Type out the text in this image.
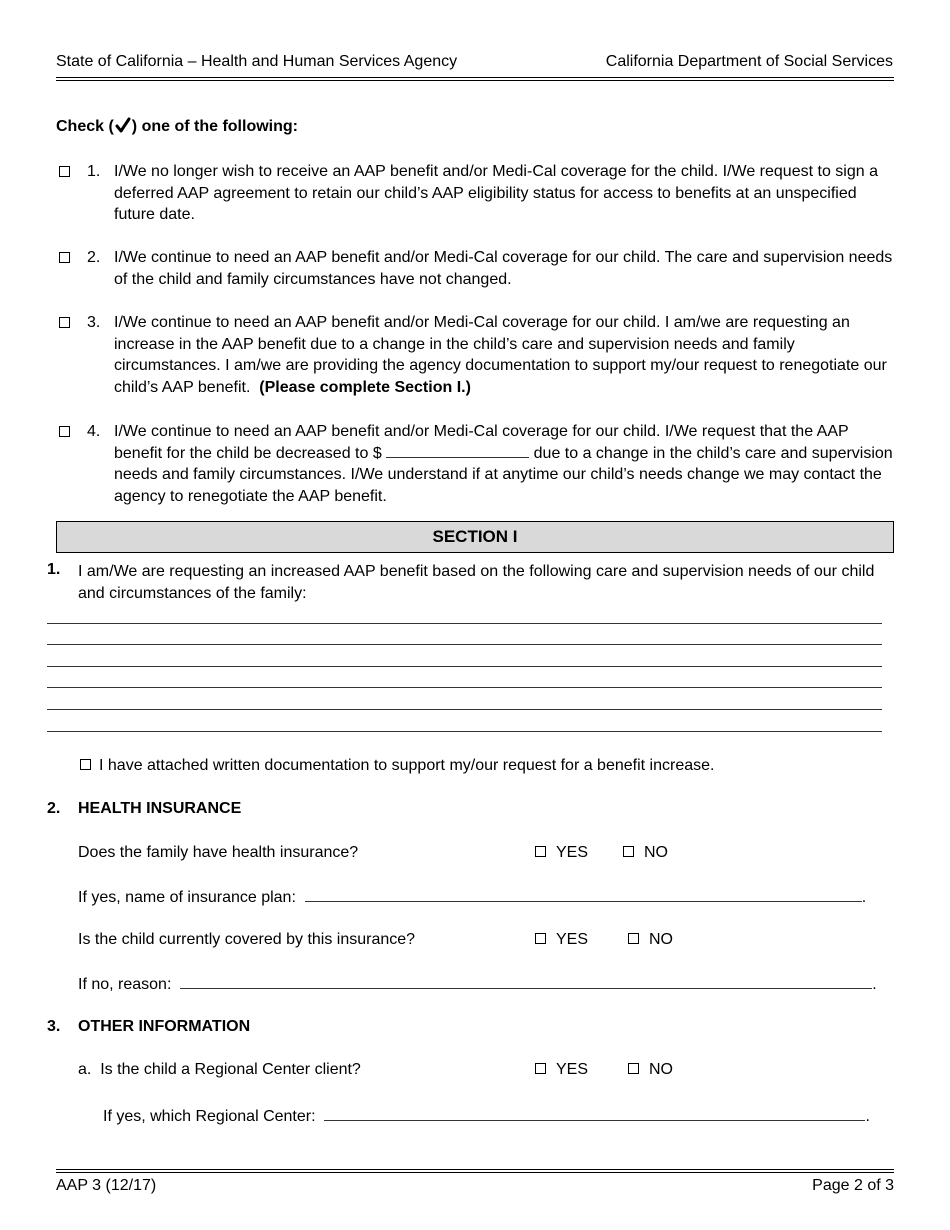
State of California – Health and Human Services Agency	California Department of Social Services
Check ( ) one of the following:
1. I/We no longer wish to receive an AAP benefit and/or Medi-Cal coverage for the child. I/We request to sign a deferred AAP agreement to retain our child’s AAP eligibility status for access to benefits at an unspecified future date.
2. I/We continue to need an AAP benefit and/or Medi-Cal coverage for our child. The care and supervision needs of the child and family circumstances have not changed.
3. I/We continue to need an AAP benefit and/or Medi-Cal coverage for our child. I am/we are requesting an increase in the AAP benefit due to a change in the child’s care and supervision needs and family circumstances. I am/we are providing the agency documentation to support my/our request to renegotiate our child’s AAP benefit. (Please complete Section I.)
4. I/We continue to need an AAP benefit and/or Medi-Cal coverage for our child. I/We request that the AAP benefit for the child be decreased to $	due to a change in the child’s care and supervision needs and family circumstances. I/We understand if at anytime our child’s needs change we may contact the agency to renegotiate the AAP benefit.
SECTION I
1. I am/We are requesting an increased AAP benefit based on the following care and supervision needs of our child and circumstances of the family:
I have attached written documentation to support my/our request for a benefit increase.
2. HEALTH INSURANCE
Does the family have health insurance?	YES	NO
If yes, name of insurance plan:	.
Is the child currently covered by this insurance?	YES	NO
If no, reason:	.
3. OTHER INFORMATION
a. Is the child a Regional Center client?	YES	NO
If yes, which Regional Center:	.
AAP 3 (12/17)	Page 2 of 3
